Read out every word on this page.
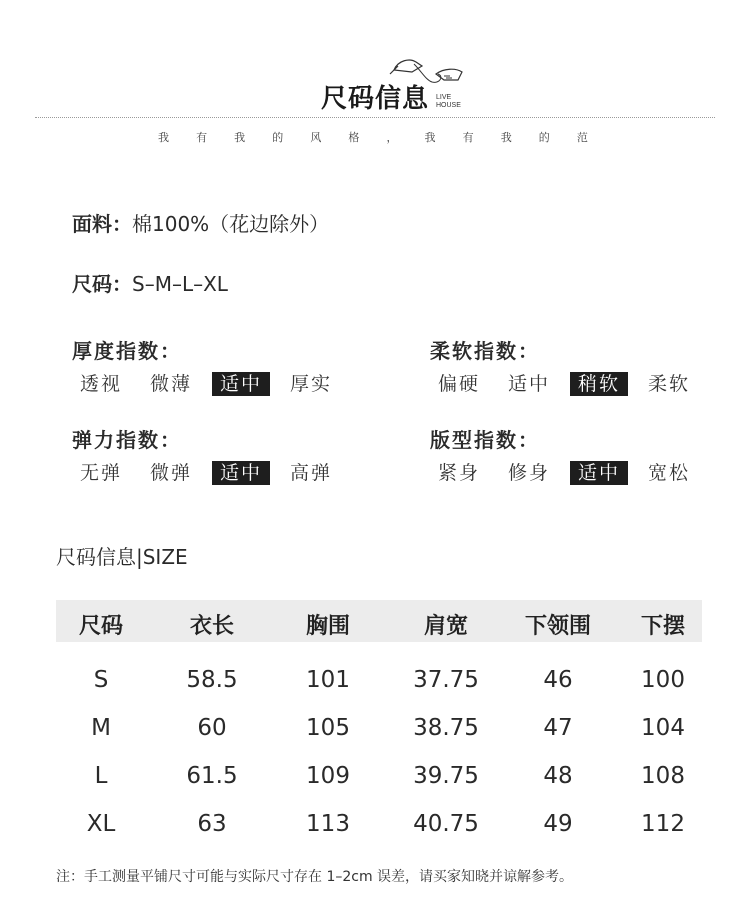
尺码信息	LIVE
HOUSE
我 有 我 的 风 格 ， 我 有 我 的 范
面料：棉100%（花边除外）
尺码：S–M–L–XL
厚度指数：
透视	微薄	适中	厚实
柔软指数：
偏硬	适中	稍软	柔软
弹力指数：
无弹	微弹	适中	高弹
版型指数：
紧身	修身	适中	宽松
尺码信息|SIZE
尺码	衣长	胸围	肩宽	下领围 下摆
S	58.5	101	37.75	46	100
M	60	105	38.75	47	104
L	61.5	109	39.75	48	108
XL	63	113	40.75	49	112
注：手工测量平铺尺寸可能与实际尺寸存在 1–2cm 误差，请买家知晓并谅解参考。
